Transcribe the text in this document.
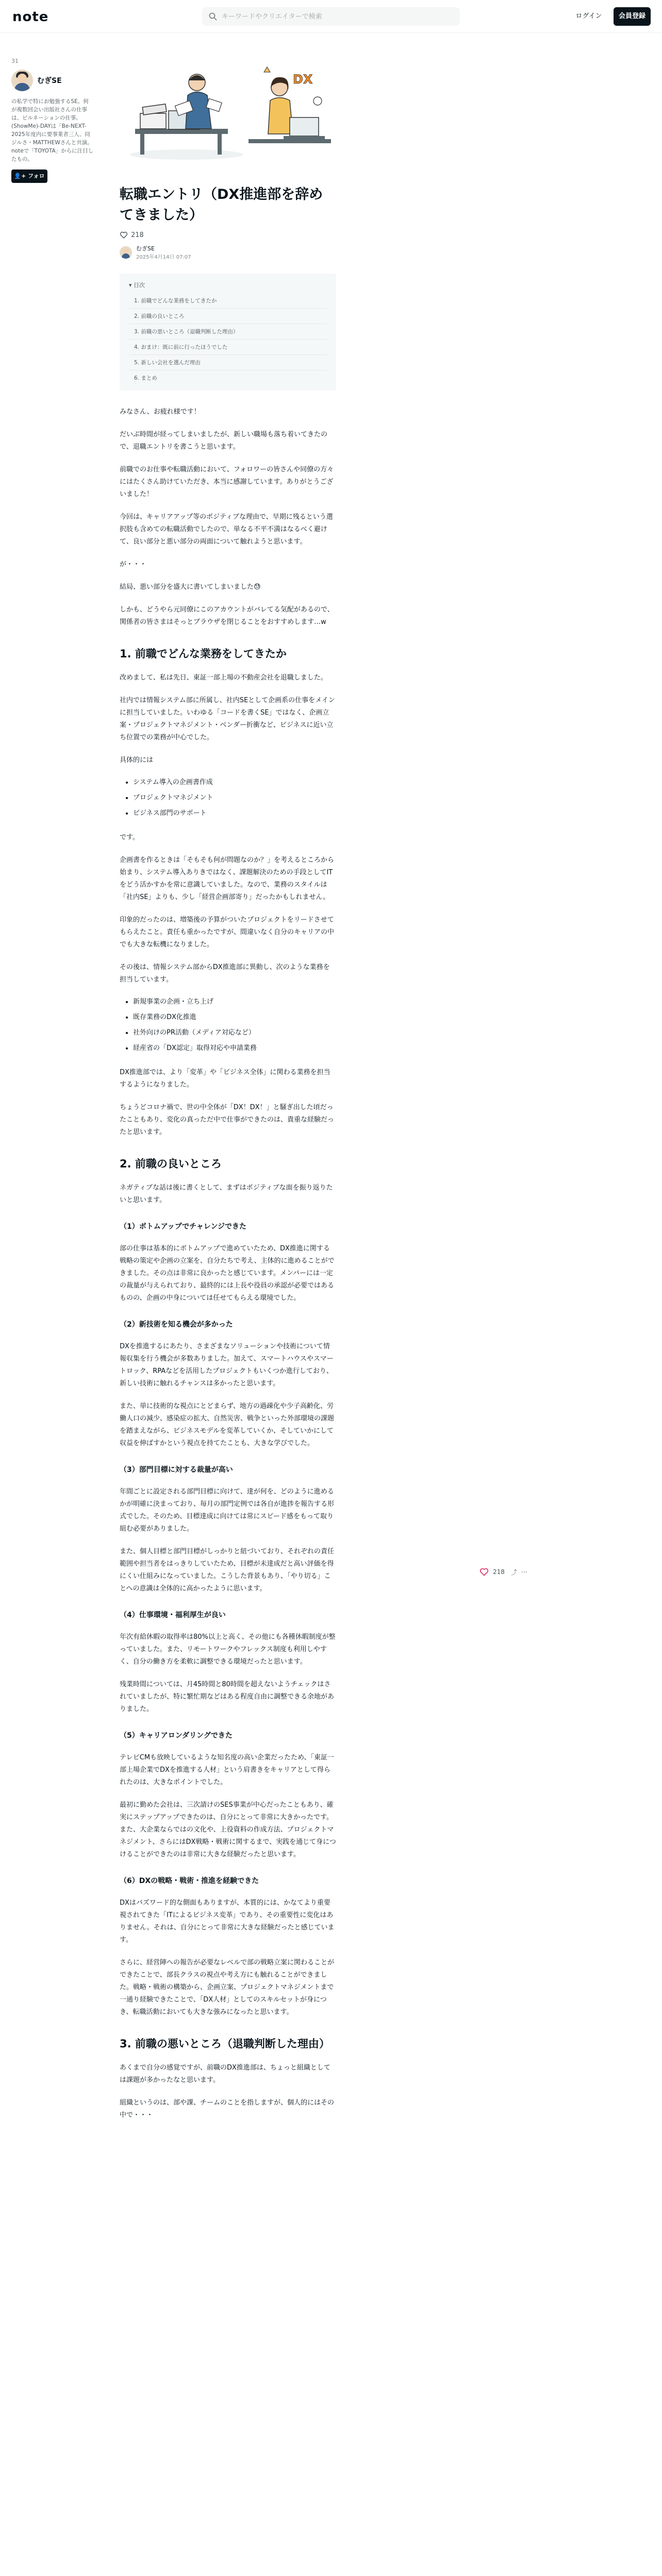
note
キーワードやクリエイターで検索	ログイン	会員登録
31
むぎSE
の私学で特にお勉強するSE。何が複数回会い出版社さんの仕事は、ビルネーションの仕事。(ShowMe)-DAYは「Be-NEXT-2025年度内に要事業者三人、同ジルさ・MATTHEWさんと共演。noteで「TOYOTA」からに注目したもの。
👤+ フォロー
DX
転職エントリ（DX推進部を辞めてきました）
218
むぎSE
2025年4月14日 07:07
▾ 目次
1. 前職でどんな業務をしてきたか
2. 前職の良いところ
3. 前職の悪いところ（退職判断した理由）
4. おまけ：既に前に行ったほうでした
5. 新しい会社を選んだ理由
6. まとめ
みなさん、お疲れ様です！
だいぶ時間が経ってしまいましたが、新しい職場も落ち着いてきたので、退職エントリを書こうと思います。
前職でのお仕事や転職活動において、フォロワーの皆さんや同僚の方々にはたくさん助けていただき、本当に感謝しています。ありがとうございました！
今回は、キャリアアップ等のポジティブな理由で、早期に残るという選択肢も含めての転職活動でしたので、単なる不平不満はなるべく避けて、良い部分と悪い部分の両面について触れようと思います。
が・・・
結局、悪い部分を盛大に書いてしまいました😓
しかも、どうやら元同僚にこのアカウントがバレてる気配があるので、関係者の皆さまはそっとブラウザを閉じることをおすすめします…w
1. 前職でどんな業務をしてきたか
改めまして、私は先日、東証一部上場の不動産会社を退職しました。
社内では情報システム部に所属し、社内SEとして企画系の仕事をメインに担当していました。いわゆる「コードを書くSE」ではなく、企画立案・プロジェクトマネジメント・ベンダー折衝など、ビジネスに近い立ち位置での業務が中心でした。
具体的には
• システム導入の企画書作成
• プロジェクトマネジメント
• ビジネス部門のサポート
です。
企画書を作るときは「そもそも何が問題なのか？」を考えるところから始まり、システム導入ありきではなく、課題解決のための手段としてITをどう活かすかを常に意識していました。なので、業務のスタイルは「社内SE」よりも、少し「経営企画部寄り」だったかもしれません。
印象的だったのは、増築後の予算がついたプロジェクトをリードさせてもらえたこと。責任も重かったですが、間違いなく自分のキャリアの中でも大きな転機になりました。
その後は、情報システム部からDX推進部に異動し、次のような業務を担当しています。
• 新規事業の企画・立ち上げ
• 既存業務のDX化推進
• 社外向けのPR活動（メディア対応など）
• 経産省の「DX認定」取得対応や申請業務
DX推進部では、より「変革」や「ビジネス全体」に関わる業務を担当するようになりました。
ちょうどコロナ禍で、世の中全体が「DX！DX！」と騒ぎ出した頃だったこともあり、変化の真っただ中で仕事ができたのは、貴重な経験だったと思います。
2. 前職の良いところ
ネガティブな話は後に書くとして、まずはポジティブな面を振り返りたいと思います。
（1）ボトムアップでチャレンジできた
部の仕事は基本的にボトムアップで進めていたため、DX推進に関する戦略の策定や企画の立案を、自分たちで考え、主体的に進めることができました。その点は非常に良かったと感じています。メンバーには一定の裁量が与えられており、最終的には上長や役員の承認が必要ではあるものの、企画の中身については任せてもらえる環境でした。
（2）新技術を知る機会が多かった
DXを推進するにあたり、さまざまなソリューションや技術について情報収集を行う機会が多数ありました。加えて、スマートハウスやスマートロック、RPAなどを活用したプロジェクトもいくつか進行しており、新しい技術に触れるチャンスは多かったと思います。
また、単に技術的な視点にとどまらず、地方の過疎化や少子高齢化、労働人口の減少、感染症の拡大、自然災害、戦争といった外部環境の課題を踏まえながら、ビジネスモデルを変革していくか、そしていかにして収益を伸ばすかという視点を持てたことも、大きな学びでした。
（3）部門目標に対する裁量が高い
年間ごとに設定される部門目標に向けて、達が何を、どのように進めるかが明確に決まっており、毎月の部門定例では各自が進捗を報告する形式でした。そのため、目標達成に向けては常にスピード感をもって取り組む必要がありました。
また、個人目標と部門目標がしっかりと紐づいており、それぞれの責任範囲や担当者をはっきりしていたため、目標が未達成だと高い評価を得にくい仕組みになっていました。こうした背景もあり、「やり切る」ことへの意識は全体的に高かったように思います。
（4）仕事環境・福利厚生が良い
年次有給休暇の取得率は80%以上と高く、その他にも各種休暇制度が整っていました。また、リモートワークやフレックス制度も利用しやすく、自分の働き方を柔軟に調整できる環境だったと思います。
残業時間については、月45時間と80時間を超えないようチェックはされていましたが、特に繁忙期などはある程度自由に調整できる余地がありました。
（5）キャリアロンダリングできた
テレビCMも放映しているような知名度の高い企業だったため、「東証一部上場企業でDXを推進する人材」という肩書きをキャリアとして得られたのは、大きなポイントでした。
最初に勤めた会社は、三次請けのSES事業が中心だったこともあり、確実にステップアップできたのは、自分にとって非常に大きかったです。また、大企業ならではの文化や、上役資料の作成方法、プロジェクトマネジメント、さらにはDX戦略・戦術に関するまで、実践を通じて身につけることができたのは非常に大きな経験だったと思います。
（6）DXの戦略・戦術・推進を経験できた
DXはバズワード的な側面もありますが、本質的には、かなてより重要視されてきた「ITによるビジネス変革」であり、その重要性に変化はありません。それは、自分にとって非常に大きな経験だったと感じています。
さらに、経営陣への報告が必要なレベルで部の戦略立案に関わることができたことで、部長クラスの視点や考え方にも触れることができました。戦略・戦術の構築から、企画立案、プロジェクトマネジメントまで一通り経験できたことで、「DX人材」としてのスキルセットが身につき、転職活動においても大きな強みになったと思います。
3. 前職の悪いところ（退職判断した理由）
あくまで自分の感覚ですが、前職のDX推進部は、ちょっと組織としては課題が多かったなと思います。
組織というのは、部や課、チームのことを指しますが、個人的にはその中で・・・
218 ⤴ ⋯
